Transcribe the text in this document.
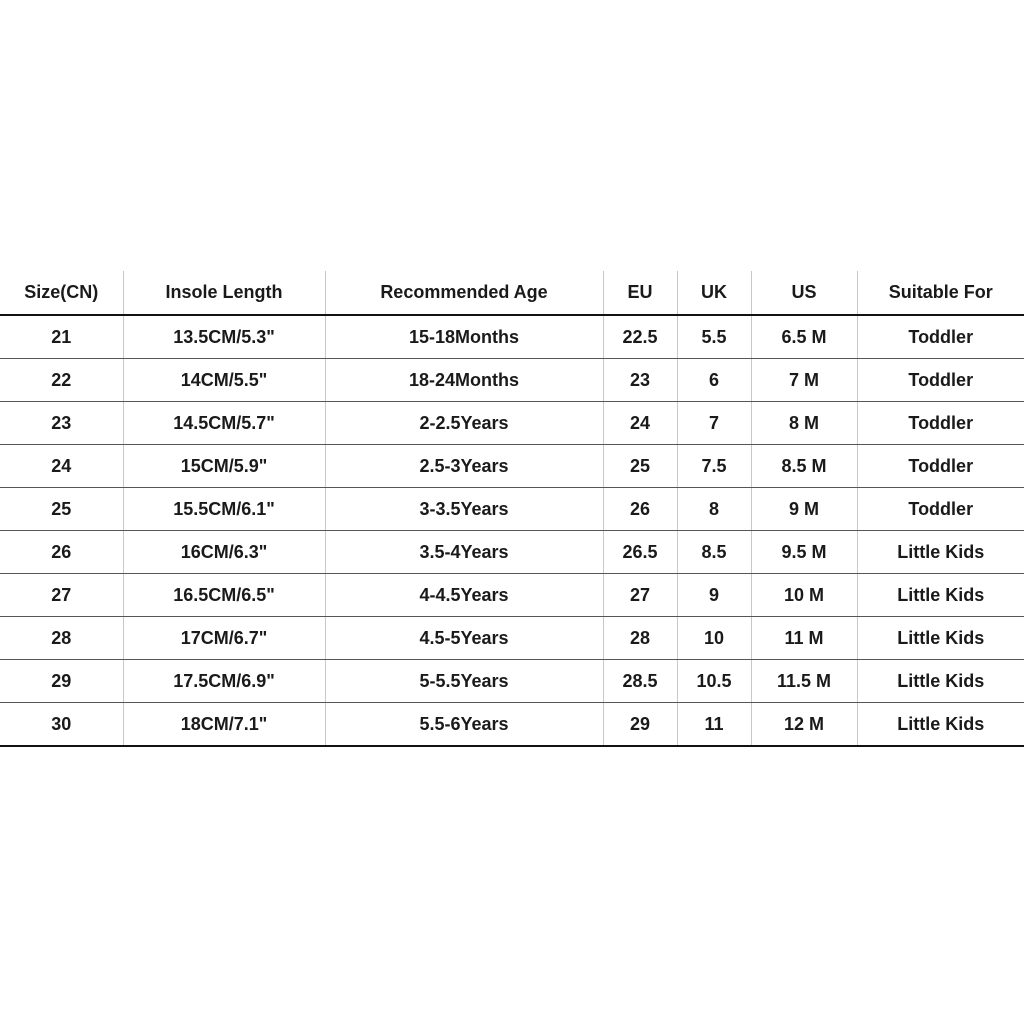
Size(CN)	Insole Length	Recommended Age	EU	UK	US	Suitable For
21	13.5CM/5.3"	15-18Months	22.5	5.5	6.5 M	Toddler
22	14CM/5.5"	18-24Months	23	6	7 M	Toddler
23	14.5CM/5.7"	2-2.5Years	24	7	8 M	Toddler
24	15CM/5.9"	2.5-3Years	25	7.5	8.5 M	Toddler
25	15.5CM/6.1"	3-3.5Years	26	8	9 M	Toddler
26	16CM/6.3"	3.5-4Years	26.5	8.5	9.5 M	Little Kids
27	16.5CM/6.5"	4-4.5Years	27	9	10 M	Little Kids
28	17CM/6.7"	4.5-5Years	28	10	11 M	Little Kids
29	17.5CM/6.9"	5-5.5Years	28.5	10.5	11.5 M	Little Kids
30	18CM/7.1"	5.5-6Years	29	11	12 M	Little Kids
